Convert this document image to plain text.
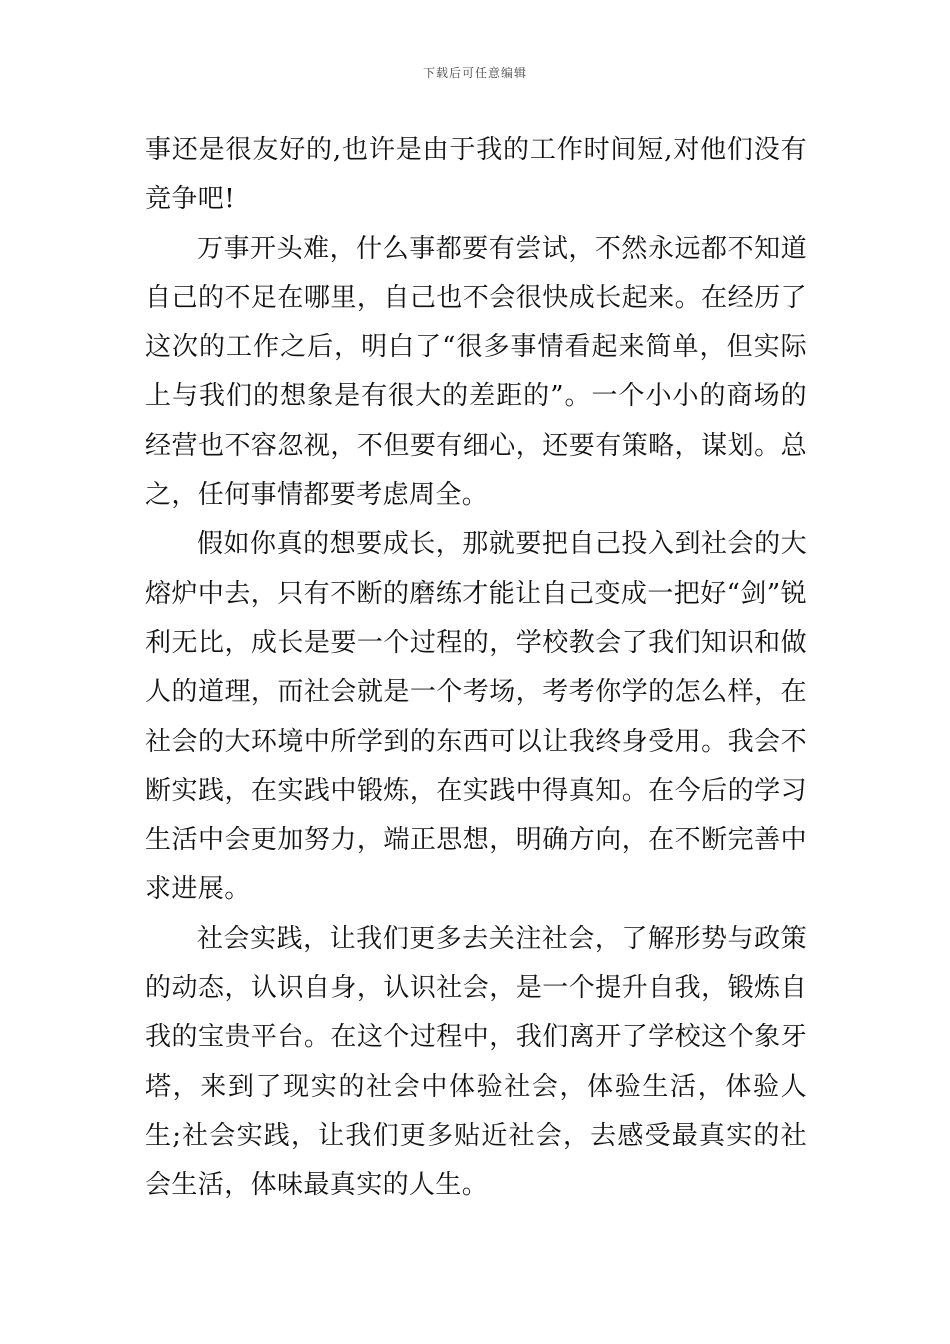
下载后可任意编辑

事还是很友好的,也许是由于我的工作时间短,对他们没有竞争吧!

万事开头难，什么事都要有尝试，不然永远都不知道自己的不足在哪里，自己也不会很快成长起来。在经历了这次的工作之后，明白了“很多事情看起来简单，但实际上与我们的想象是有很大的差距的”。一个小小的商场的经营也不容忽视，不但要有细心，还要有策略，谋划。总之，任何事情都要考虑周全。

假如你真的想要成长，那就要把自己投入到社会的大熔炉中去，只有不断的磨练才能让自己变成一把好“剑”锐利无比，成长是要一个过程的，学校教会了我们知识和做人的道理，而社会就是一个考场，考考你学的怎么样，在社会的大环境中所学到的东西可以让我终身受用。我会不断实践，在实践中锻炼，在实践中得真知。在今后的学习生活中会更加努力，端正思想，明确方向，在不断完善中求进展。

社会实践，让我们更多去关注社会，了解形势与政策的动态，认识自身，认识社会，是一个提升自我，锻炼自我的宝贵平台。在这个过程中，我们离开了学校这个象牙塔，来到了现实的社会中体验社会，体验生活，体验人生;社会实践，让我们更多贴近社会，去感受最真实的社会生活，体味最真实的人生。
